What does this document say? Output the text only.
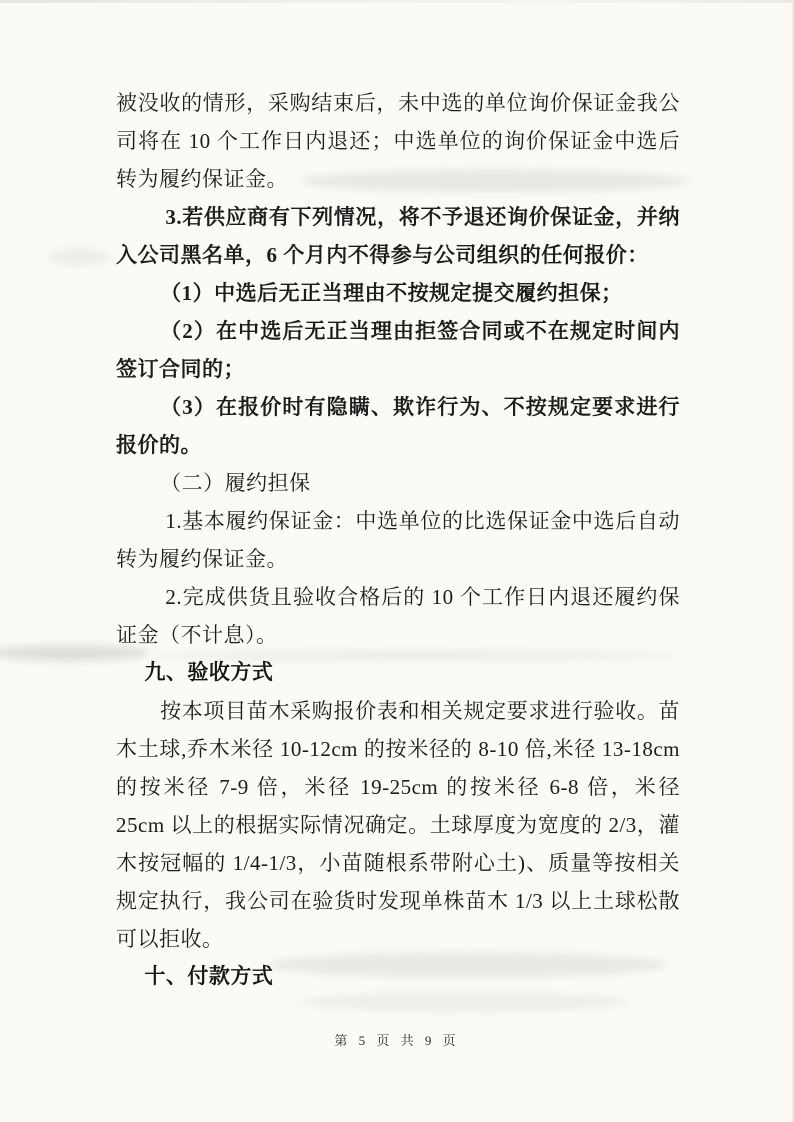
被没收的情形，采购结束后，未中选的单位询价保证金我公司将在 10 个工作日内退还；中选单位的询价保证金中选后转为履约保证金。

3.若供应商有下列情况，将不予退还询价保证金，并纳入公司黑名单，6 个月内不得参与公司组织的任何报价：

（1）中选后无正当理由不按规定提交履约担保；

（2）在中选后无正当理由拒签合同或不在规定时间内签订合同的；

（3）在报价时有隐瞒、欺诈行为、不按规定要求进行报价的。

（二）履约担保

1.基本履约保证金：中选单位的比选保证金中选后自动转为履约保证金。

2.完成供货且验收合格后的 10 个工作日内退还履约保证金（不计息）。

九、验收方式

按本项目苗木采购报价表和相关规定要求进行验收。苗木土球,乔木米径 10-12cm 的按米径的 8-10 倍,米径 13-18cm 的按米径 7-9 倍，米径 19-25cm 的按米径 6-8 倍，米径 25cm 以上的根据实际情况确定。土球厚度为宽度的 2/3，灌木按冠幅的 1/4-1/3，小苗随根系带附心土)、质量等按相关规定执行，我公司在验货时发现单株苗木 1/3 以上土球松散可以拒收。

十、付款方式

第 5 页 共 9 页
